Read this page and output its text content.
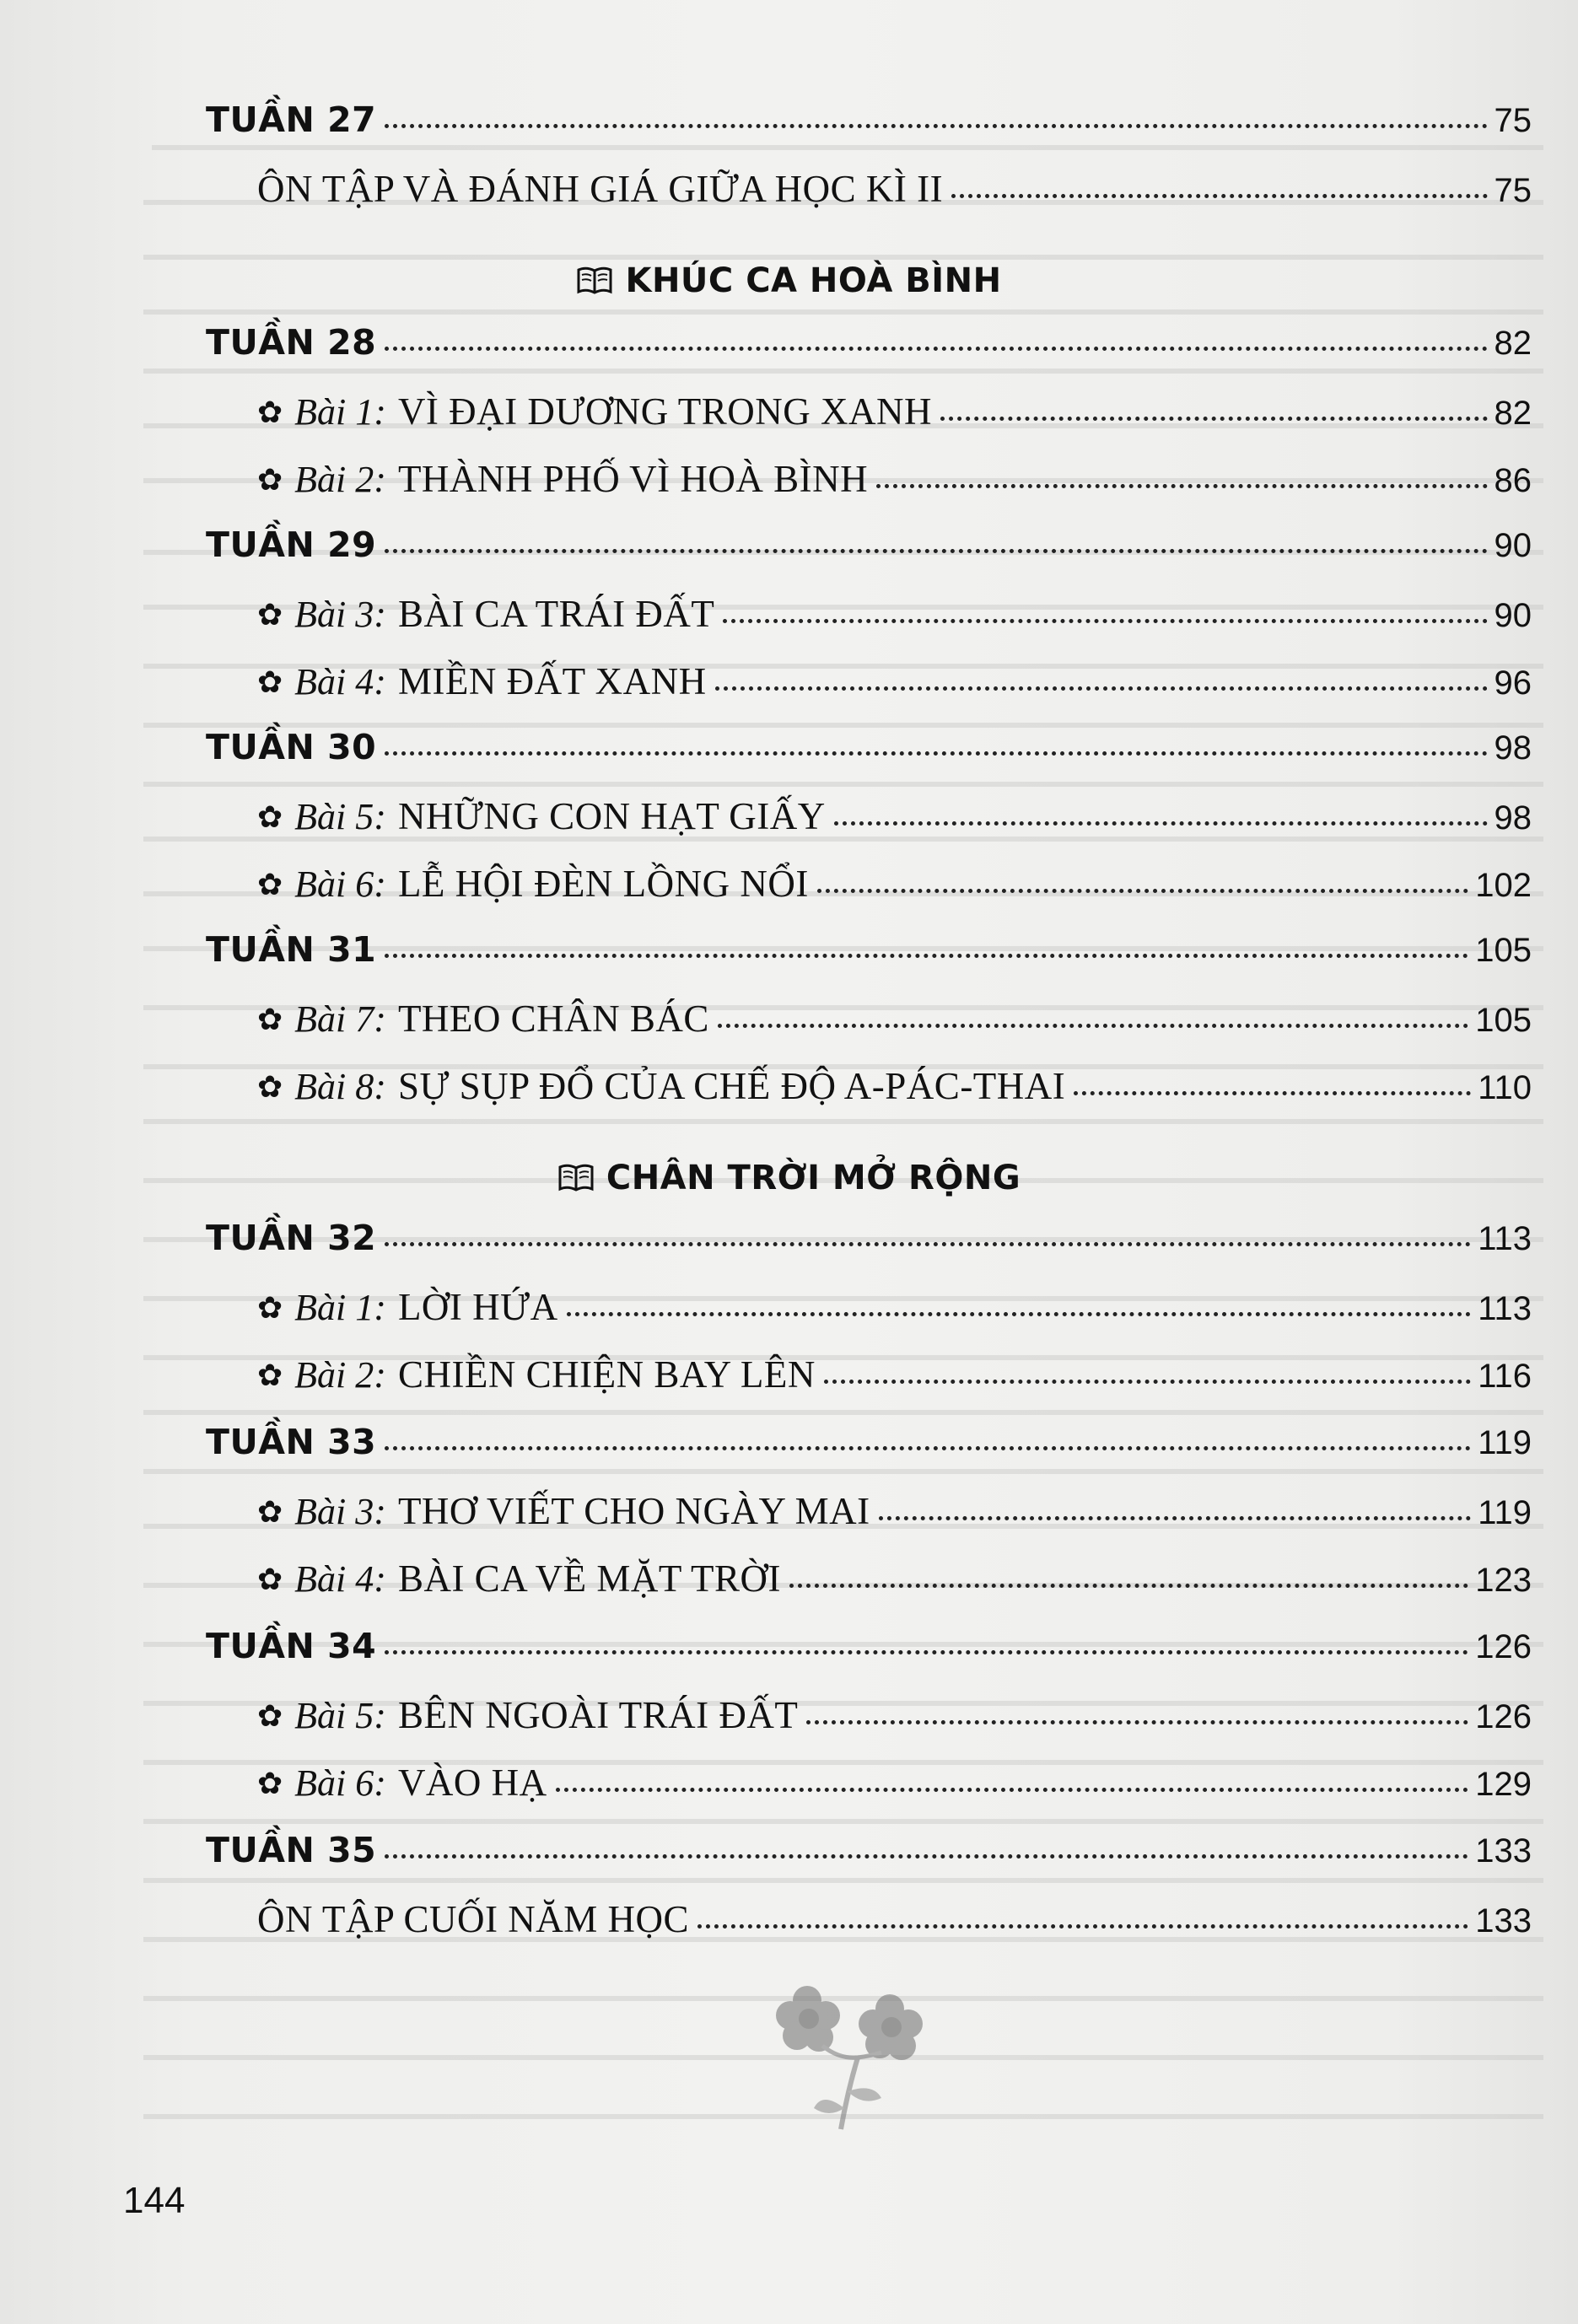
TUẦN 27	75
ÔN TẬP VÀ ĐÁNH GIÁ GIỮA HỌC KÌ II	75
KHÚC CA HOÀ BÌNH
TUẦN 28	82
✿ Bài 1: VÌ ĐẠI DƯƠNG TRONG XANH	82
✿ Bài 2: THÀNH PHỐ VÌ HOÀ BÌNH	86
TUẦN 29	90
✿ Bài 3: BÀI CA TRÁI ĐẤT	90
✿ Bài 4: MIỀN ĐẤT XANH	96
TUẦN 30	98
✿ Bài 5: NHỮNG CON HẠT GIẤY	98
✿ Bài 6: LỄ HỘI ĐÈN LỒNG NỔI	102
TUẦN 31	105
✿ Bài 7: THEO CHÂN BÁC	105
✿ Bài 8: SỰ SỤP ĐỔ CỦA CHẾ ĐỘ A-PÁC-THAI	110
CHÂN TRỜI MỞ RỘNG
TUẦN 32	113
✿ Bài 1: LỜI HỨA	113
✿ Bài 2: CHIỀN CHIỆN BAY LÊN	116
TUẦN 33	119
✿ Bài 3: THƠ VIẾT CHO NGÀY MAI	119
✿ Bài 4: BÀI CA VỀ MẶT TRỜI	123
TUẦN 34	126
✿ Bài 5: BÊN NGOÀI TRÁI ĐẤT	126
✿ Bài 6: VÀO HẠ	129
TUẦN 35	133
ÔN TẬP CUỐI NĂM HỌC	133
144
